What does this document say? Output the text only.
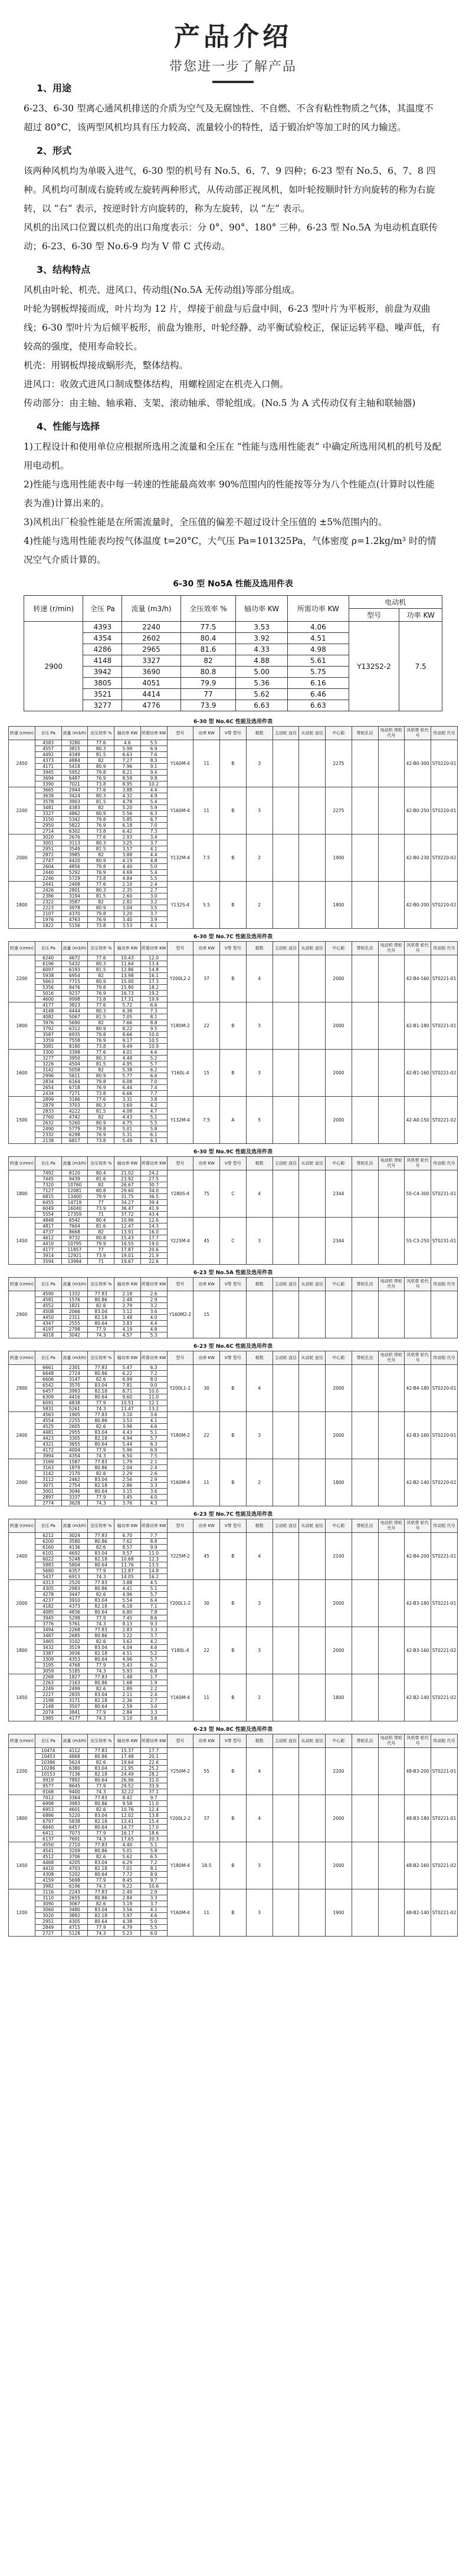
产品介绍
带您进一步了解产品
1、用途

6-23、6-30 型离心通风机排送的介质为空气及无腐蚀性、不自燃、不含有粘性物质之气体，其温度不超过 80°C，该两型风机均具有压力较高、流量较小的特性，适于锻冶炉等加工时的风力输送。

2、形式

该两种风机均为单吸入进气，6-30 型的机号有 No.5、6、7、9 四种；6-23 型有 No.5、6、7、8 四种。风机均可制成右旋转或左旋转两种形式，从传动部正视风机，如叶轮按顺时针方向旋转的称为右旋转，以 “右” 表示，按逆时针方向旋转的，称为左旋转，以 “左” 表示。

风机的出风口位置以机壳的出口角度表示：分 0°、90°、180° 三种。6-23 型 No.5A 为电动机直联传动；6-23、6-30 型 No.6-9 均为 V 带 C 式传动。

3、结构特点

风机由叶轮、机壳、进风口、传动组(No.5A 无传动组)等部分组成。

叶轮为钢板焊接而成，叶片均为 12 片，焊接于前盘与后盘中间，6-23 型叶片为平板形，前盘为双曲线；6-30 型叶片为后倾平板形，前盘为锥形，叶轮经静、动平衡试验校正，保证运转平稳、噪声低，有较高的强度，使用寿命较长。

机壳：用钢板焊接成蜗形壳，整体结构。

进风口：收敛式进风口制成整体结构，用螺栓固定在机壳入口侧。

传动部分：由主轴、轴承箱、支架、滚动轴承、带轮组成。(No.5 为 A 式传动仅有主轴和联轴器)

4、性能与选择

1)工程设计和使用单位应根据所选用之流量和全压在 “性能与选用性能表” 中确定所选用风机的机号及配用电动机。

2)性能与选用性能表中每一转速的性能最高效率 90%范围内的性能按等分为八个性能点(计算时以性能表为准)计算出来的。

3)风机出厂检验性能是在所需流量时，全压值的偏差不超过设计全压值的 ±5%范围内的。

4)性能与选用性能表均按气体温度 t=20°C，大气压 Pa=101325Pa，气体密度 ρ=1.2kg/m³ 时的情况空气介质计算的。

6-30 型 No5A 性能及选用件表
转速 (r/min)	全压 Pa	流量 (m3/h)	全压效率 %	轴功率 KW	所需功率 KW	电动机	
						型号	功率 KW
2900	4393	2240	77.5	3.53	4.06	Y132S2-2	7.5
	4354	2602	80.4	3.92	4.51		
	4286	2965	81.6	4.33	4.98		
	4148	3327	82	4.88	5.61		
	3942	3690	80.8	5.00	5.75		
	3805	4051	79.9	5.36	6.16		
	3521	4414	77	5.62	6.46		
	3277	4776	73.9	6.63	6.63		
6-30 型 No.6C 性能及选用件表
转速 (r/min)	全压 Pa	流量 (m3/h)	全压效率 %	轴功率 KW	所需功率 KW	型号	功率 KW	V带 型号	根数	主动轮 直径	从动轮 直径	中心距	带轮孔径	电动机 带轮代号	风机带 轮代号	传动组 代号
2450	4583	3280	77.6	4.6	5.5	Y160M-4	11	B	3			2275			42-B0-300	ST0220-01
	4557	3815	80.3	5.99	6.9											
	4492	4349	81.5	6.63	7.6											
	4373	4884	82	7.27	8.3											
	4171	5418	80.9	7.96	9.1											
	3945	5952	79.8	8.21	9.4											
	3694	6487	76.9	8.59	9.8											
	3390	7021	73.8	8.95	10.2											
2200	3665	2944	77.6	3.88	4.4	Y160M-4	11	B	3			2275			42-B0-250	ST0220-01
	3639	3424	80.3	4.32	4.9											
	3578	3903	81.5	4.78	5.4											
	3481	4383	82	5.20	5.9											
	3327	4862	80.9	5.56	6.3											
	3150	5342	79.8	5.85	6.7											
	2950	5822	76.9	6.18	7.0											
	2714	6302	73.8	6.42	7.3											
2000	3020	2676	77.6	2.93	3.4	Y132M-4	7.5	B	2			1900			42-B0-230	ST0220-02
	3001	3113	80.3	3.25	3.7											
	2951	3549	81.5	3.57	4.1											
	2872	3985	82	3.88	4.4											
	2747	4420	80.9	4.19	4.8											
	2604	4856	79.8	4.40	5.0											
	2440	5292	76.9	4.69	5.4											
	2246	5729	73.8	4.84	5.5											
1800	2441	2408	77.6	2.10	2.4	Y132S-4	5.5	B	2			1800			42-B0-200	ST0220-02
	2426	2801	80.3	2.35	2.7											
	2386	3194	81.5	2.60	3.0											
	2322	3587	82	2.82	3.2											
	2223	3978	80.9	3.04	3.5											
	2107	4370	79.8	3.20	3.7											
	1976	4763	76.9	3.40	3.9											
	1822	5156	73.8	3.53	4.1											
6-30 型 No.7C 性能及选用件表
转速 (r/min)	全压 Pa	流量 (m3/h)	全压效率 %	轴功率 KW	所需功率 KW	型号	功率 KW	V带 型号	根数	主动轮 直径	从动轮 直径	中心距	带轮孔径	电动机 带轮代号	风机带 轮代号	传动组 代号
2200	6240	4672	77.6	10.43	12.0	Y200L2-2	37	B	4			2000			42-B4-160	ST0221-01
	6196	5432	80.3	11.64	13.4											
	6097	6193	81.5	12.86	14.8											
	5938	6954	82	13.98	16.1											
	5663	7715	80.9	15.00	17.3											
	5356	8476	79.8	15.80	18.2											
	5016	9237	76.9	16.73	19.2											
	4600	9998	73.8	17.31	19.9											
1800	4177	3823	77.6	5.72	6.6	Y180M-2	22	B	3			2000			42-B1-180	ST0221-01
	4148	4444	80.3	6.38	7.3											
	4082	5067	81.5	7.05	8.1											
	3976	5690	82	7.66	8.8											
	3792	6312	80.9	8.22	9.5											
	3587	6935	79.8	8.66	10.0											
	3359	7558	76.9	9.17	10.5											
	3081	8180	73.8	9.49	10.9											
1600	3300	3398	77.6	4.01	4.6	Y160L-4	15	B	3			2000			42-B1-160	ST0221-02
	3277	3950	80.3	4.48	5.2											
	3226	4504	81.5	4.95	5.7											
	3142	5058	82	5.38	6.2											
	2996	5611	80.9	5.77	6.6											
	2834	6164	79.8	6.08	7.0											
	2654	6718	76.9	6.44	7.4											
	2434	7271	73.8	6.66	7.7											
1500	2899	3186	77.6	3.31	3.8	Y132M-4	7.5	A	5			2000			42-A0-150	ST0221-02
	2879	3703	80.3	3.69	4.2											
	2833	4222	81.5	4.08	4.7											
	2760	4742	82	4.43	5.1											
	2632	5260	80.9	4.75	5.5											
	2490	5779	79.8	5.01	5.8											
	2332	6298	76.9	5.31	6.1											
	2138	6817	73.8	5.49	6.3											
6-30 型 No.9C 性能及选用件表
转速 (r/min)	全压 Pa	流量 (m3/h)	全压效率 %	轴功率 KW	所需功率 KW	型号	功率 KW	V带 型号	根数	主动轮 直径	从动轮 直径	中心距	带轮孔径	电动机 带轮代号	风机带 轮代号	传动组 代号
1800	7492	8120	80.4	21.02	24.2	Y280S-4	75	C	4			2344			55-C4-300	ST0231-01
	7445	9439	81.6	23.92	27.5											
	7320	10760	82	26.67	30.7											
	7127	12081	80.8	29.60	34.0											
	6815	13400	79.9	31.75	36.5											
	6455	14719	77	34.27	39.4											
	6049	16040	73.9	36.47	41.9											
	5554	17359	71	37.72	43.4											
1450	4848	6542	80.4	10.96	12.6	Y225M-4	45	C	3			2344			55-C3-250	ST0231-01
	4817	7604	81.6	12.47	14.3											
	4737	8668	82	13.91	16.0											
	4612	9732	80.8	15.43	17.7											
	4410	10795	79.9	16.55	19.0											
	4177	11857	77	17.87	20.6											
	3914	12921	73.9	19.01	21.9											
	3594	13984	71	19.67	22.6											
6-23 型 No.5A 性能及选用件表
转速 (r/min)	全压 Pa	流量 (m3/h)	全压效率 %	轴功率 KW	所需功率 KW	型号	功率 KW	V带 型号	根数	主动轮 直径	从动轮 直径	中心距	带轮孔径	电动机 带轮代号	风机带 轮代号	传动组 代号
2900	4590	1332	77.83	2.18	2.6	Y160M2-2	15									
	4581	1576	80.86	2.48	2.9											
	4552	1821	82.6	2.79	3.2											
	4508	2066	83.04	3.12	3.6											
	4450	2311	82.18	3.48	4.0											
	4347	2555	80.64	3.83	4.4											
	4197	2798	77.9	4.19	4.8											
	4018	3042	74.3	4.57	5.3											
6-23 型 No.6C 性能及选用件表
转速 (r/min)	全压 Pa	流量 (m3/h)	全压效率 %	轴功率 KW	所需功率 KW	型号	功率 KW	V带 型号	根数	主动轮 直径	从动轮 直径	中心距	带轮孔径	电动机 带轮代号	风机带 轮代号	传动组 代号
2900	6661	2301	77.83	5.47	6.3	Y200L1-2	30	B	4			2000			42-B4-180	ST0220-01
	6648	2724	80.86	6.22	7.2											
	6606	3147	82.6	6.99	8.0											
	6542	3570	83.04	7.81	9.0											
	6457	3993	82.18	8.71	10.0											
	6309	4416	80.64	9.60	11.0											
	6091	4838	77.9	10.51	12.1											
	5831	5261	74.3	11.47	13.2											
2400	4563	1905	77.83	3.10	3.6	Y180M-2	22	B	3			2000			42-B3-160	ST0220-01
	4554	2255	80.86	3.53	4.1											
	4525	2605	82.6	3.96	4.6											
	4481	2955	83.04	4.43	5.1											
	4423	3305	82.18	4.94	5.7											
	4321	3655	80.64	5.44	6.3											
	4172	4004	77.9	5.96	6.9											
	3994	4354	74.3	6.50	7.5											
2000	3169	1587	77.83	1.79	2.1	Y160M-4	11	B	2			1800			42-B2-140	ST0220-02
	3163	1879	80.86	2.04	2.4											
	3142	2170	82.6	2.29	2.6											
	3112	2462	83.04	2.56	2.9											
	3071	2754	82.18	2.86	3.3											
	3001	3046	80.64	3.15	3.6											
	2897	3337	77.9	3.45	4.0											
	2774	3628	74.3	3.76	4.3											
6-23 型 No.7C 性能及选用件表
转速 (r/min)	全压 Pa	流量 (m3/h)	全压效率 %	轴功率 KW	所需功率 KW	型号	功率 KW	V带 型号	根数	主动轮 直径	从动轮 直径	中心距	带轮孔径	电动机 带轮代号	风机带 轮代号	传动组 代号
2400	6212	3024	77.83	6.70	7.7	Y225M-2	45	B	4			2100			42-B4-200	ST0221-01
	6200	3580	80.86	7.62	8.8											
	6160	4136	82.6	8.57	9.9											
	6101	4692	83.04	9.57	11.0											
	6022	5248	82.18	10.68	12.3											
	5883	5804	80.64	11.76	13.5											
	5680	6357	77.9	12.87	14.8											
	5437	6913	74.3	14.05	16.2											
2000	4313	2520	77.83	3.88	4.5	Y200L1-2	30	B	3			2000			42-B3-180	ST0221-01
	4305	2983	80.86	4.41	5.1											
	4278	3447	82.6	4.96	5.7											
	4237	3910	83.04	5.54	6.4											
	4182	4373	82.18	6.18	7.1											
	4085	4836	80.64	6.80	7.8											
	3945	5298	77.9	7.45	8.6											
	3776	5761	74.3	8.13	9.3											
1800	3494	2268	77.83	2.83	3.3	Y180L-4	22	B	3			2000			42-B3-160	ST0221-02
	3487	2685	80.86	3.22	3.7											
	3465	3102	82.6	3.62	4.2											
	3432	3519	83.04	4.04	4.6											
	3387	3936	82.18	4.51	5.2											
	3309	4353	80.64	4.96	5.7											
	3195	4768	77.9	5.43	6.2											
	3059	5185	74.3	5.93	6.8											
1450	2268	1827	77.83	1.48	1.7	Y160M-4	11	B	2			1800			42-B2-140	ST0221-02
	2263	2163	80.86	1.68	1.9											
	2249	2499	82.6	1.89	2.2											
	2227	2835	83.04	2.11	2.4											
	2198	3171	82.18	2.36	2.7											
	2148	3507	80.64	2.59	3.0											
	2074	3841	77.9	2.84	3.3											
	1985	4177	74.3	3.10	3.6											
6-23 型 No.8C 性能及选用件表
转速 (r/min)	全压 Pa	流量 (m3/h)	全压效率 %	轴功率 KW	所需功率 KW	型号	功率 KW	V带 型号	根数	主动轮 直径	从动轮 直径	中心距	带轮孔径	电动机 带轮代号	风机带 轮代号	传动组 代号
2200	10474	4112	77.83	15.37	17.7	Y250M-2	55	B	4			2200			48-B3-200	ST0221-01
	10453	4868	80.86	17.48	20.1											
	10386	5624	82.6	19.64	22.6											
	10286	6380	83.04	21.95	25.2											
	10153	7136	82.18	24.49	28.2											
	9919	7892	80.64	26.96	31.0											
	9577	8645	77.9	29.52	33.9											
	9168	9400	74.3	32.22	37.1											
1800	7012	3364	77.83	8.42	9.7	Y200L2-2	37	B	4			2000			48-B3-180	ST0221-01
	6998	3983	80.86	9.58	11.0											
	6953	4601	82.6	10.76	12.4											
	6886	5220	83.04	12.02	13.8											
	6797	5838	82.18	13.41	15.4											
	6640	6457	80.64	14.77	17.0											
	6411	7073	77.9	16.17	18.6											
	6137	7691	74.3	17.65	20.3											
1450	4550	2710	77.83	4.40	5.1	Y180M-4	18.5	B	3			2000			48-B2-160	ST0221-02
	4541	3209	80.86	5.01	5.8											
	4512	3706	82.6	5.62	6.5											
	4468	4205	83.04	6.29	7.2											
	4410	4703	82.18	7.01	8.1											
	4308	5202	80.64	7.72	8.9											
	4159	5698	77.9	8.45	9.7											
	3982	6196	74.3	9.22	10.6											
1200	3116	2243	77.83	2.49	2.9	Y160M-4	11	B	3			1900			48-B2-140	ST0221-02
	3110	2655	80.86	2.84	3.3											
	3090	3067	82.6	3.19	3.7											
	3060	3480	83.04	3.56	4.1											
	3020	3892	82.18	3.97	4.6											
	2951	4305	80.64	4.38	5.0											
	2849	4715	77.9	4.79	5.5											
	2727	5128	74.3	5.23	6.0											
